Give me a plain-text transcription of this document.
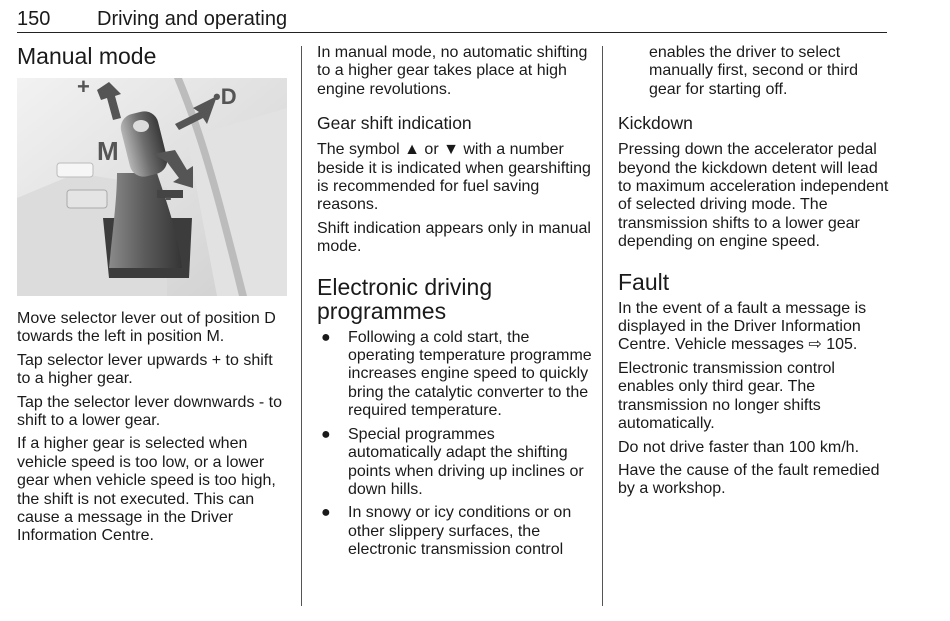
150 Driving and operating
Manual mode
+
M
•D
-

Move selector lever out of position D towards the left in position M.

Tap selector lever upwards + to shift to a higher gear.

Tap the selector lever downwards - to shift to a lower gear.

If a higher gear is selected when vehicle speed is too low, or a lower gear when vehicle speed is too high, the shift is not executed. This can cause a message in the Driver Information Centre.

In manual mode, no automatic shifting to a higher gear takes place at high engine revolutions.

Gear shift indication

The symbol ▲ or ▼ with a number beside it is indicated when gearshifting is recommended for fuel saving reasons.

Shift indication appears only in manual mode.

Electronic driving programmes
● Following a cold start, the operating temperature programme increases engine speed to quickly bring the catalytic converter to the required temperature.
● Special programmes automatically adapt the shifting points when driving up inclines or down hills.
● In snowy or icy conditions or on other slippery surfaces, the electronic transmission control

enables the driver to select manually first, second or third gear for starting off.

Kickdown

Pressing down the accelerator pedal beyond the kickdown detent will lead to maximum acceleration independent of selected driving mode. The transmission shifts to a lower gear depending on engine speed.

Fault

In the event of a fault a message is displayed in the Driver Information Centre. Vehicle messages ⇨ 105.

Electronic transmission control enables only third gear. The transmission no longer shifts automatically.

Do not drive faster than 100 km/h.

Have the cause of the fault remedied by a workshop.
